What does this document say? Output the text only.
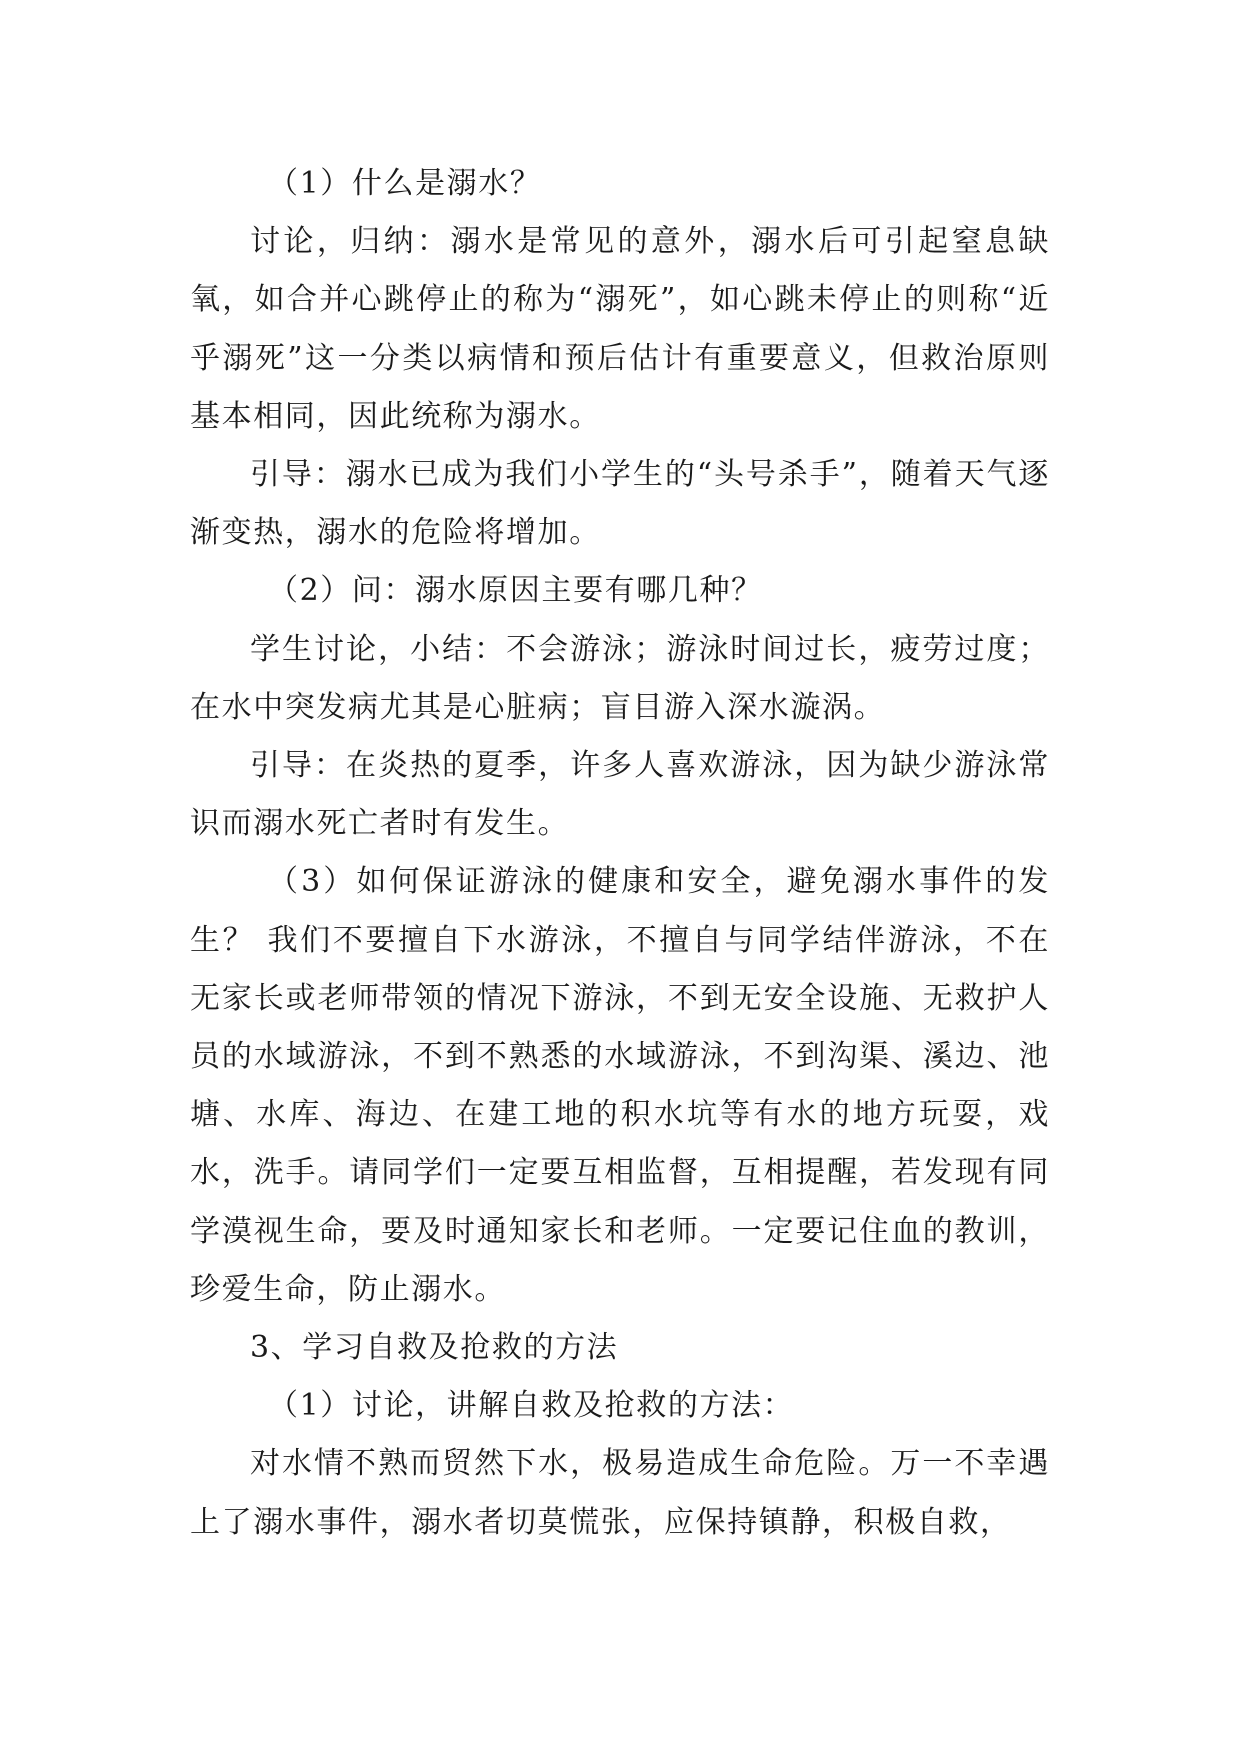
（1）什么是溺水？

讨论，归纳：溺水是常见的意外，溺水后可引起窒息缺氧，如合并心跳停止的称为“溺死”，如心跳未停止的则称“近乎溺死”这一分类以病情和预后估计有重要意义，但救治原则基本相同，因此统称为溺水。

引导：溺水已成为我们小学生的“头号杀手”，随着天气逐渐变热，溺水的危险将增加。

（2）问：溺水原因主要有哪几种？

学生讨论，小结：不会游泳；游泳时间过长，疲劳过度；在水中突发病尤其是心脏病；盲目游入深水漩涡。

引导：在炎热的夏季，许多人喜欢游泳，因为缺少游泳常识而溺水死亡者时有发生。

（3）如何保证游泳的健康和安全，避免溺水事件的发生？ 我们不要擅自下水游泳，不擅自与同学结伴游泳，不在无家长或老师带领的情况下游泳，不到无安全设施、无救护人员的水域游泳，不到不熟悉的水域游泳，不到沟渠、溪边、池塘、水库、海边、在建工地的积水坑等有水的地方玩耍，戏水，洗手。请同学们一定要互相监督，互相提醒，若发现有同学漠视生命，要及时通知家长和老师。一定要记住血的教训，珍爱生命，防止溺水。

3、学习自救及抢救的方法

（1）讨论，讲解自救及抢救的方法：

对水情不熟而贸然下水，极易造成生命危险。万一不幸遇上了溺水事件，溺水者切莫慌张，应保持镇静，积极自救，
